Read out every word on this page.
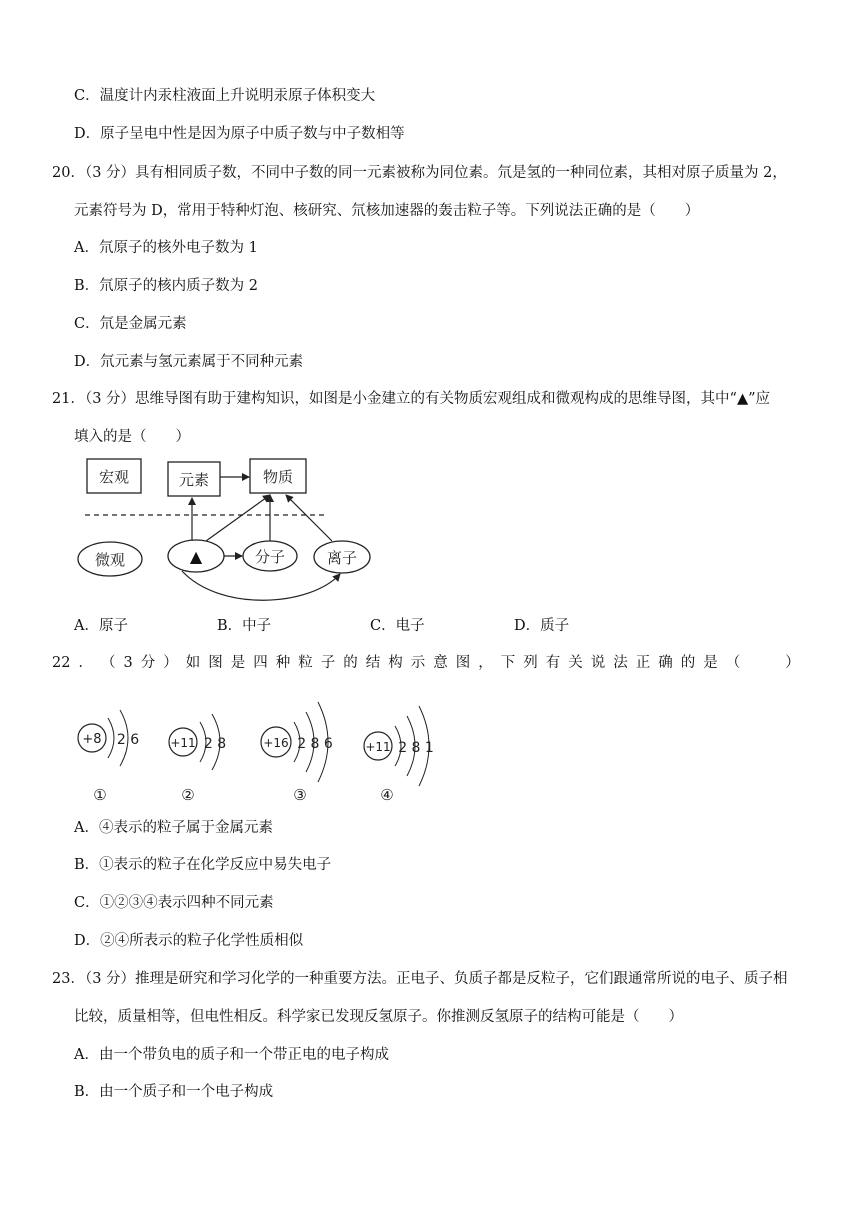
C．温度计内汞柱液面上升说明汞原子体积变大
D．原子呈电中性是因为原子中质子数与中子数相等
20．（3 分）具有相同质子数，不同中子数的同一元素被称为同位素。氘是氢的一种同位素，其相对原子质量为 2，
元素符号为 D，常用于特种灯泡、核研究、氘核加速器的轰击粒子等。下列说法正确的是（　　）
A．氘原子的核外电子数为 1
B．氘原子的核内质子数为 2
C．氘是金属元素
D．氘元素与氢元素属于不同种元素
21．（3 分）思维导图有助于建构知识，如图是小金建立的有关物质宏观组成和微观构成的思维导图，其中“▲”应
填入的是（　　）
宏观	元素	物质
微观	▲	分子	离子
A．原子	B．中子	C．电子	D．质子
22 ． （ 3 分 ） 如 图 是 四 种 粒 子 的 结 构 示 意 图 ， 下 列 有 关 说 法 正 确 的 是 （
　　	）
+8 2 6
①
+11 2 8
②
+16 2 8 6
③
+11 2 8 1
④
A．④表示的粒子属于金属元素
B．①表示的粒子在化学反应中易失电子
C．①②③④表示四种不同元素
D．②④所表示的粒子化学性质相似
23．（3 分）推理是研究和学习化学的一种重要方法。正电子、负质子都是反粒子，它们跟通常所说的电子、质子相
比较，质量相等，但电性相反。科学家已发现反氢原子。你推测反氢原子的结构可能是（　　）
A．由一个带负电的质子和一个带正电的电子构成
B．由一个质子和一个电子构成
